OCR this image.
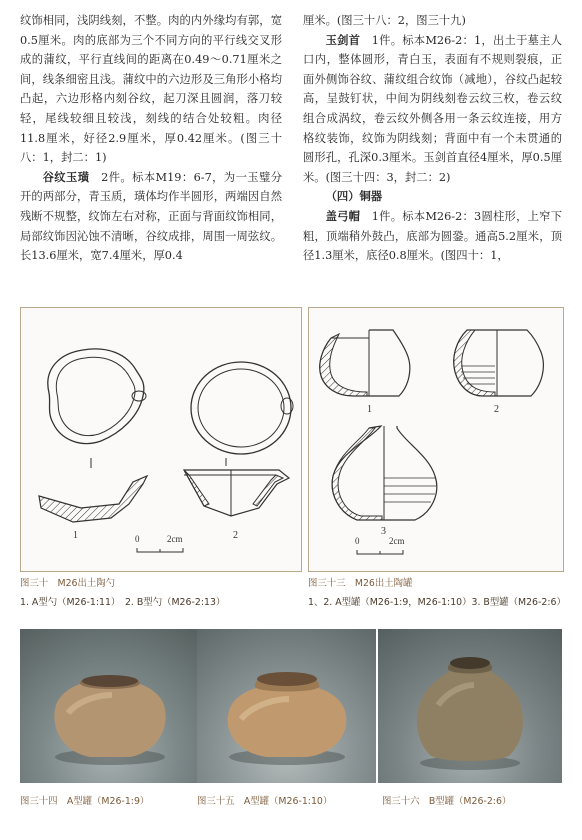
纹饰相同，浅阴线刻，不整。肉的内外缘均有郭，宽0.5厘米。肉的底部为三个不同方向的平行线交叉形成的蒲纹，平行直线间的距离在0.49～0.71厘米之间，线条细密且浅。蒲纹中的六边形及三角形小格均凸起，六边形格内刻谷纹，起刀深且圆润，落刀较轻，尾线较细且较浅，刻线的结合处较粗。肉径11.8厘米，好径2.9厘米，厚0.42厘米。(图三十八：1，封二：1)

谷纹玉璜　2件。标本M19：6-7，为一玉璧分开的两部分，青玉质，璜体均作半圆形，两端因自然残断不规整，纹饰左右对称，正面与背面纹饰相同，局部纹饰因沁蚀不清晰，谷纹成排，周围一周弦纹。长13.6厘米，宽7.4厘米，厚0.4

厘米。(图三十八：2，图三十九)

玉剑首　1件。标本M26-2：1，出土于墓主人口内，整体圆形，青白玉，表面有不规则裂痕，正面外侧饰谷纹、蒲纹组合纹饰（减地），谷纹凸起较高，呈鼓钉状，中间为阴线刻卷云纹三枚，卷云纹组合成涡纹，卷云纹外侧各用一条云纹连接，用方格纹装饰，纹饰为阴线刻；背面中有一个未贯通的圆形孔，孔深0.3厘米。玉剑首直径4厘米，厚0.5厘米。(图三十四：3，封二：2)

（四）铜器

盖弓帽　1件。标本M26-2：3圆柱形，上窄下粗，顶端稍外鼓凸，底部为圆銎。通高5.2厘米，顶径1.3厘米，底径0.8厘米。(图四十：1，

1	2
0	2cm
图三十　M26出土陶勺
1. A型勺（M26-1:11）　2. B型勺（M26-2:13）
1	2
3
0	2cm
图三十三　M26出土陶罐
1、2. A型罐（M26-1:9，M26-1:10）3. B型罐（M26-2:6）
图三十四　A型罐（M26-1:9）	图三十五　A型罐（M26-1:10）	图三十六　B型罐（M26-2:6）
